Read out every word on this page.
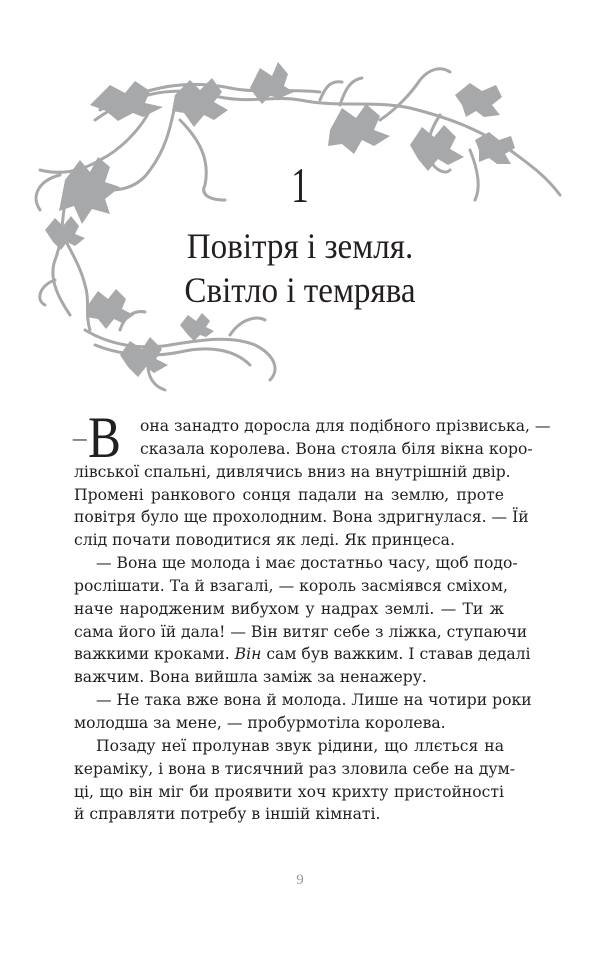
1
Повітря і земля.
Світло і темрява
— В	она занадто доросла для подібного прізвиська, —
сказала королева. Вона стояла біля вікна коро-
лівської спальні, дивлячись вниз на внутрішній двір.
Промені ранкового сонця падали на землю, проте
повітря було ще прохолодним. Вона здригнулася. — Їй
слід почати поводитися як леді. Як принцеса.
— Вона ще молода і має достатньо часу, щоб подо-
рослішати. Та й взагалі, — король засміявся сміхом,
наче народженим вибухом у надрах землі. — Ти ж
сама його їй дала! — Він витяг себе з ліжка, ступаючи
важкими кроками. Він сам був важким. І ставав дедалі
важчим. Вона вийшла заміж за ненажеру.
— Не така вже вона й молода. Лише на чотири роки
молодша за мене, — пробурмотіла королева.
Позаду неї пролунав звук рідини, що ллється на
кераміку, і вона в тисячний раз зловила себе на дум-
ці, що він міг би проявити хоч крихту пристойності
й справляти потребу в іншій кімнаті.
9
